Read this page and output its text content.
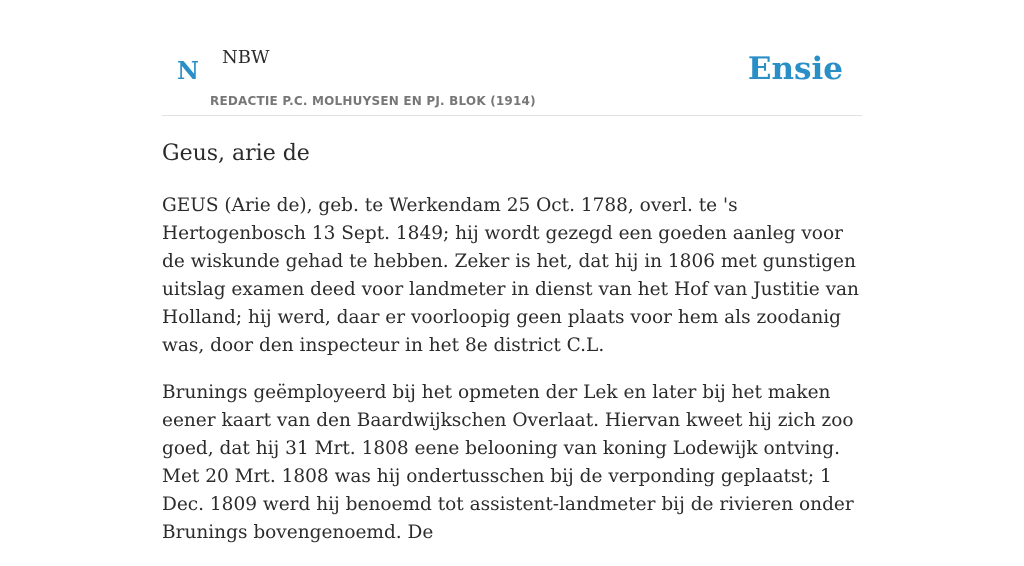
N NBW	Ensie
REDACTIE P.C. MOLHUYSEN EN PJ. BLOK (1914)
Geus, arie de

GEUS (Arie de), geb. te Werkendam 25 Oct. 1788, overl. te 's Hertogenbosch 13 Sept. 1849; hij wordt gezegd een goeden aanleg voor de wiskunde gehad te hebben. Zeker is het, dat hij in 1806 met gunstigen uitslag examen deed voor landmeter in dienst van het Hof van Justitie van Holland; hij werd, daar er voorloopig geen plaats voor hem als zoodanig was, door den inspecteur in het 8e district C.L.

Brunings geëmployeerd bij het opmeten der Lek en later bij het maken eener kaart van den Baardwijkschen Overlaat. Hiervan kweet hij zich zoo goed, dat hij 31 Mrt. 1808 eene belooning van koning Lodewijk ontving. Met 20 Mrt. 1808 was hij ondertusschen bij de verponding geplaatst; 1 Dec. 1809 werd hij benoemd tot assistent-landmeter bij de rivieren onder Brunings bovengenoemd. De
